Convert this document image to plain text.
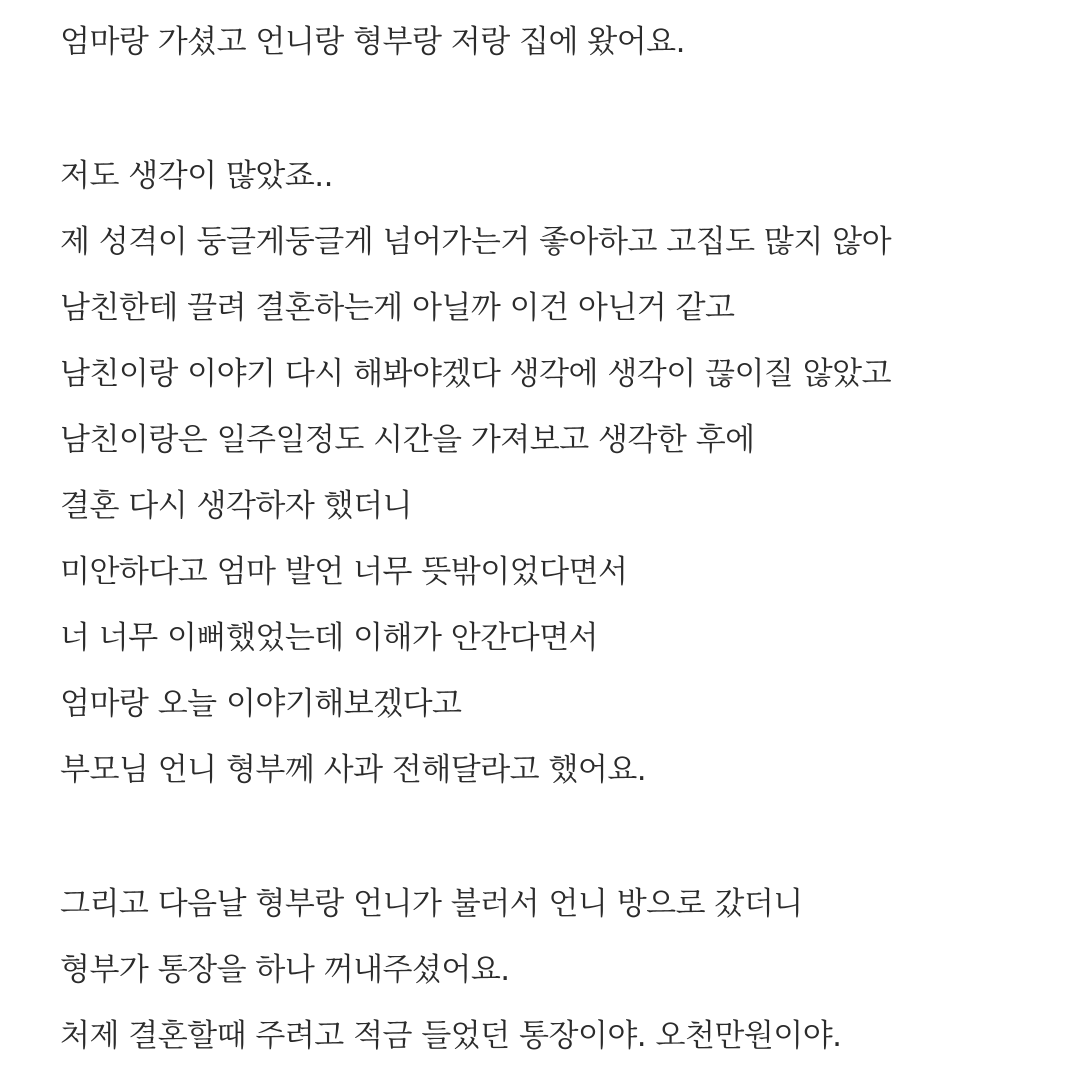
엄마랑 가셨고 언니랑 형부랑 저랑 집에 왔어요.

저도 생각이 많았죠..

제 성격이 둥글게둥글게 넘어가는거 좋아하고 고집도 많지 않아

남친한테 끌려 결혼하는게 아닐까 이건 아닌거 같고

남친이랑 이야기 다시 해봐야겠다 생각에 생각이 끊이질 않았고

남친이랑은 일주일정도 시간을 가져보고 생각한 후에

결혼 다시 생각하자 했더니

미안하다고 엄마 발언 너무 뜻밖이었다면서

너 너무 이뻐했었는데 이해가 안간다면서

엄마랑 오늘 이야기해보겠다고

부모님 언니 형부께 사과 전해달라고 했어요.

그리고 다음날 형부랑 언니가 불러서 언니 방으로 갔더니

형부가 통장을 하나 꺼내주셨어요.

처제 결혼할때 주려고 적금 들었던 통장이야. 오천만원이야.
